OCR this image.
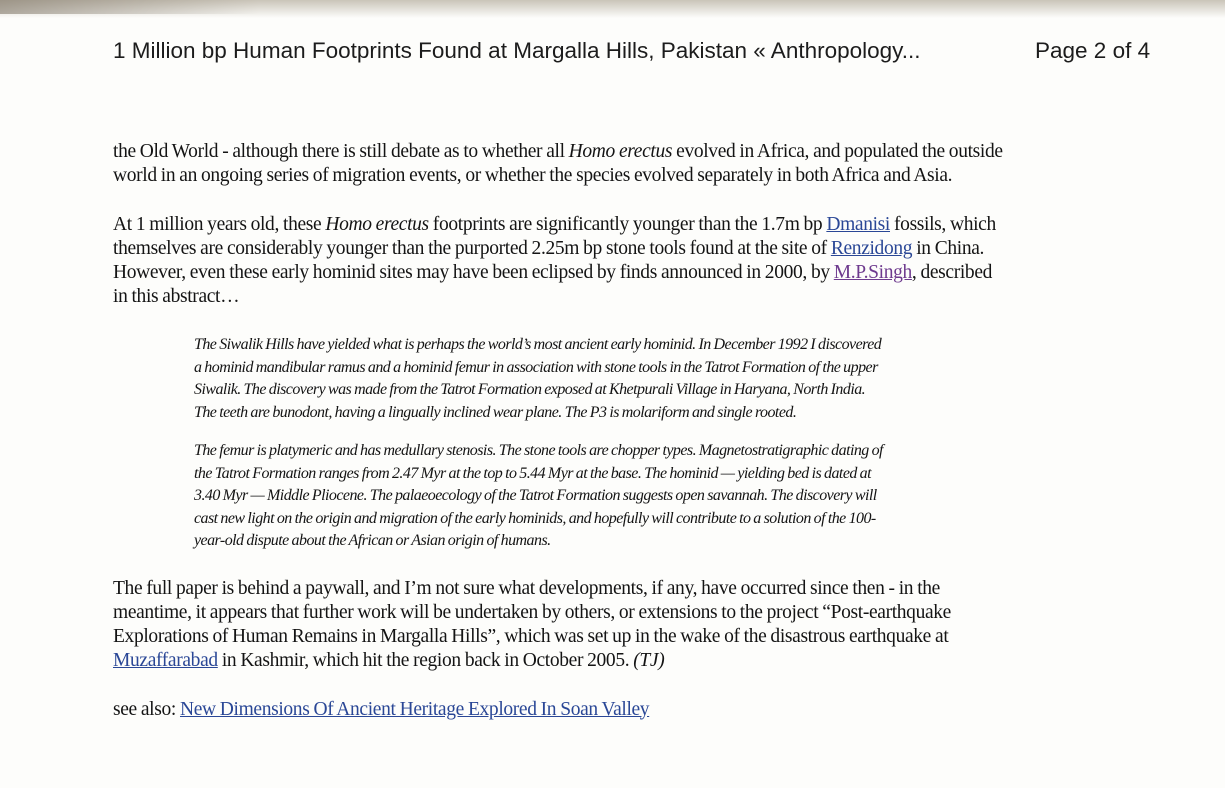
1 Million bp Human Footprints Found at Margalla Hills, Pakistan « Anthropology...	Page 2 of 4

the Old World - although there is still debate as to whether all Homo erectus evolved in Africa, and populated the outside
world in an ongoing series of migration events, or whether the species evolved separately in both Africa and Asia.

At 1 million years old, these Homo erectus footprints are significantly younger than the 1.7m bp Dmanisi fossils, which
themselves are considerably younger than the purported 2.25m bp stone tools found at the site of Renzidong in China.
However, even these early hominid sites may have been eclipsed by finds announced in 2000, by M.P.Singh, described
in this abstract…

The Siwalik Hills have yielded what is perhaps the world’s most ancient early hominid. In December 1992 I discovered
a hominid mandibular ramus and a hominid femur in association with stone tools in the Tatrot Formation of the upper
Siwalik. The discovery was made from the Tatrot Formation exposed at Khetpurali Village in Haryana, North India.
The teeth are bunodont, having a lingually inclined wear plane. The P3 is molariform and single rooted.

The femur is platymeric and has medullary stenosis. The stone tools are chopper types. Magnetostratigraphic dating of
the Tatrot Formation ranges from 2.47 Myr at the top to 5.44 Myr at the base. The hominid — yielding bed is dated at
3.40 Myr — Middle Pliocene. The palaeoecology of the Tatrot Formation suggests open savannah. The discovery will
cast new light on the origin and migration of the early hominids, and hopefully will contribute to a solution of the 100-
year-old dispute about the African or Asian origin of humans.

The full paper is behind a paywall, and I’m not sure what developments, if any, have occurred since then - in the
meantime, it appears that further work will be undertaken by others, or extensions to the project “Post-earthquake
Explorations of Human Remains in Margalla Hills”, which was set up in the wake of the disastrous earthquake at
Muzaffarabad in Kashmir, which hit the region back in October 2005. (TJ)

see also: New Dimensions Of Ancient Heritage Explored In Soan Valley
